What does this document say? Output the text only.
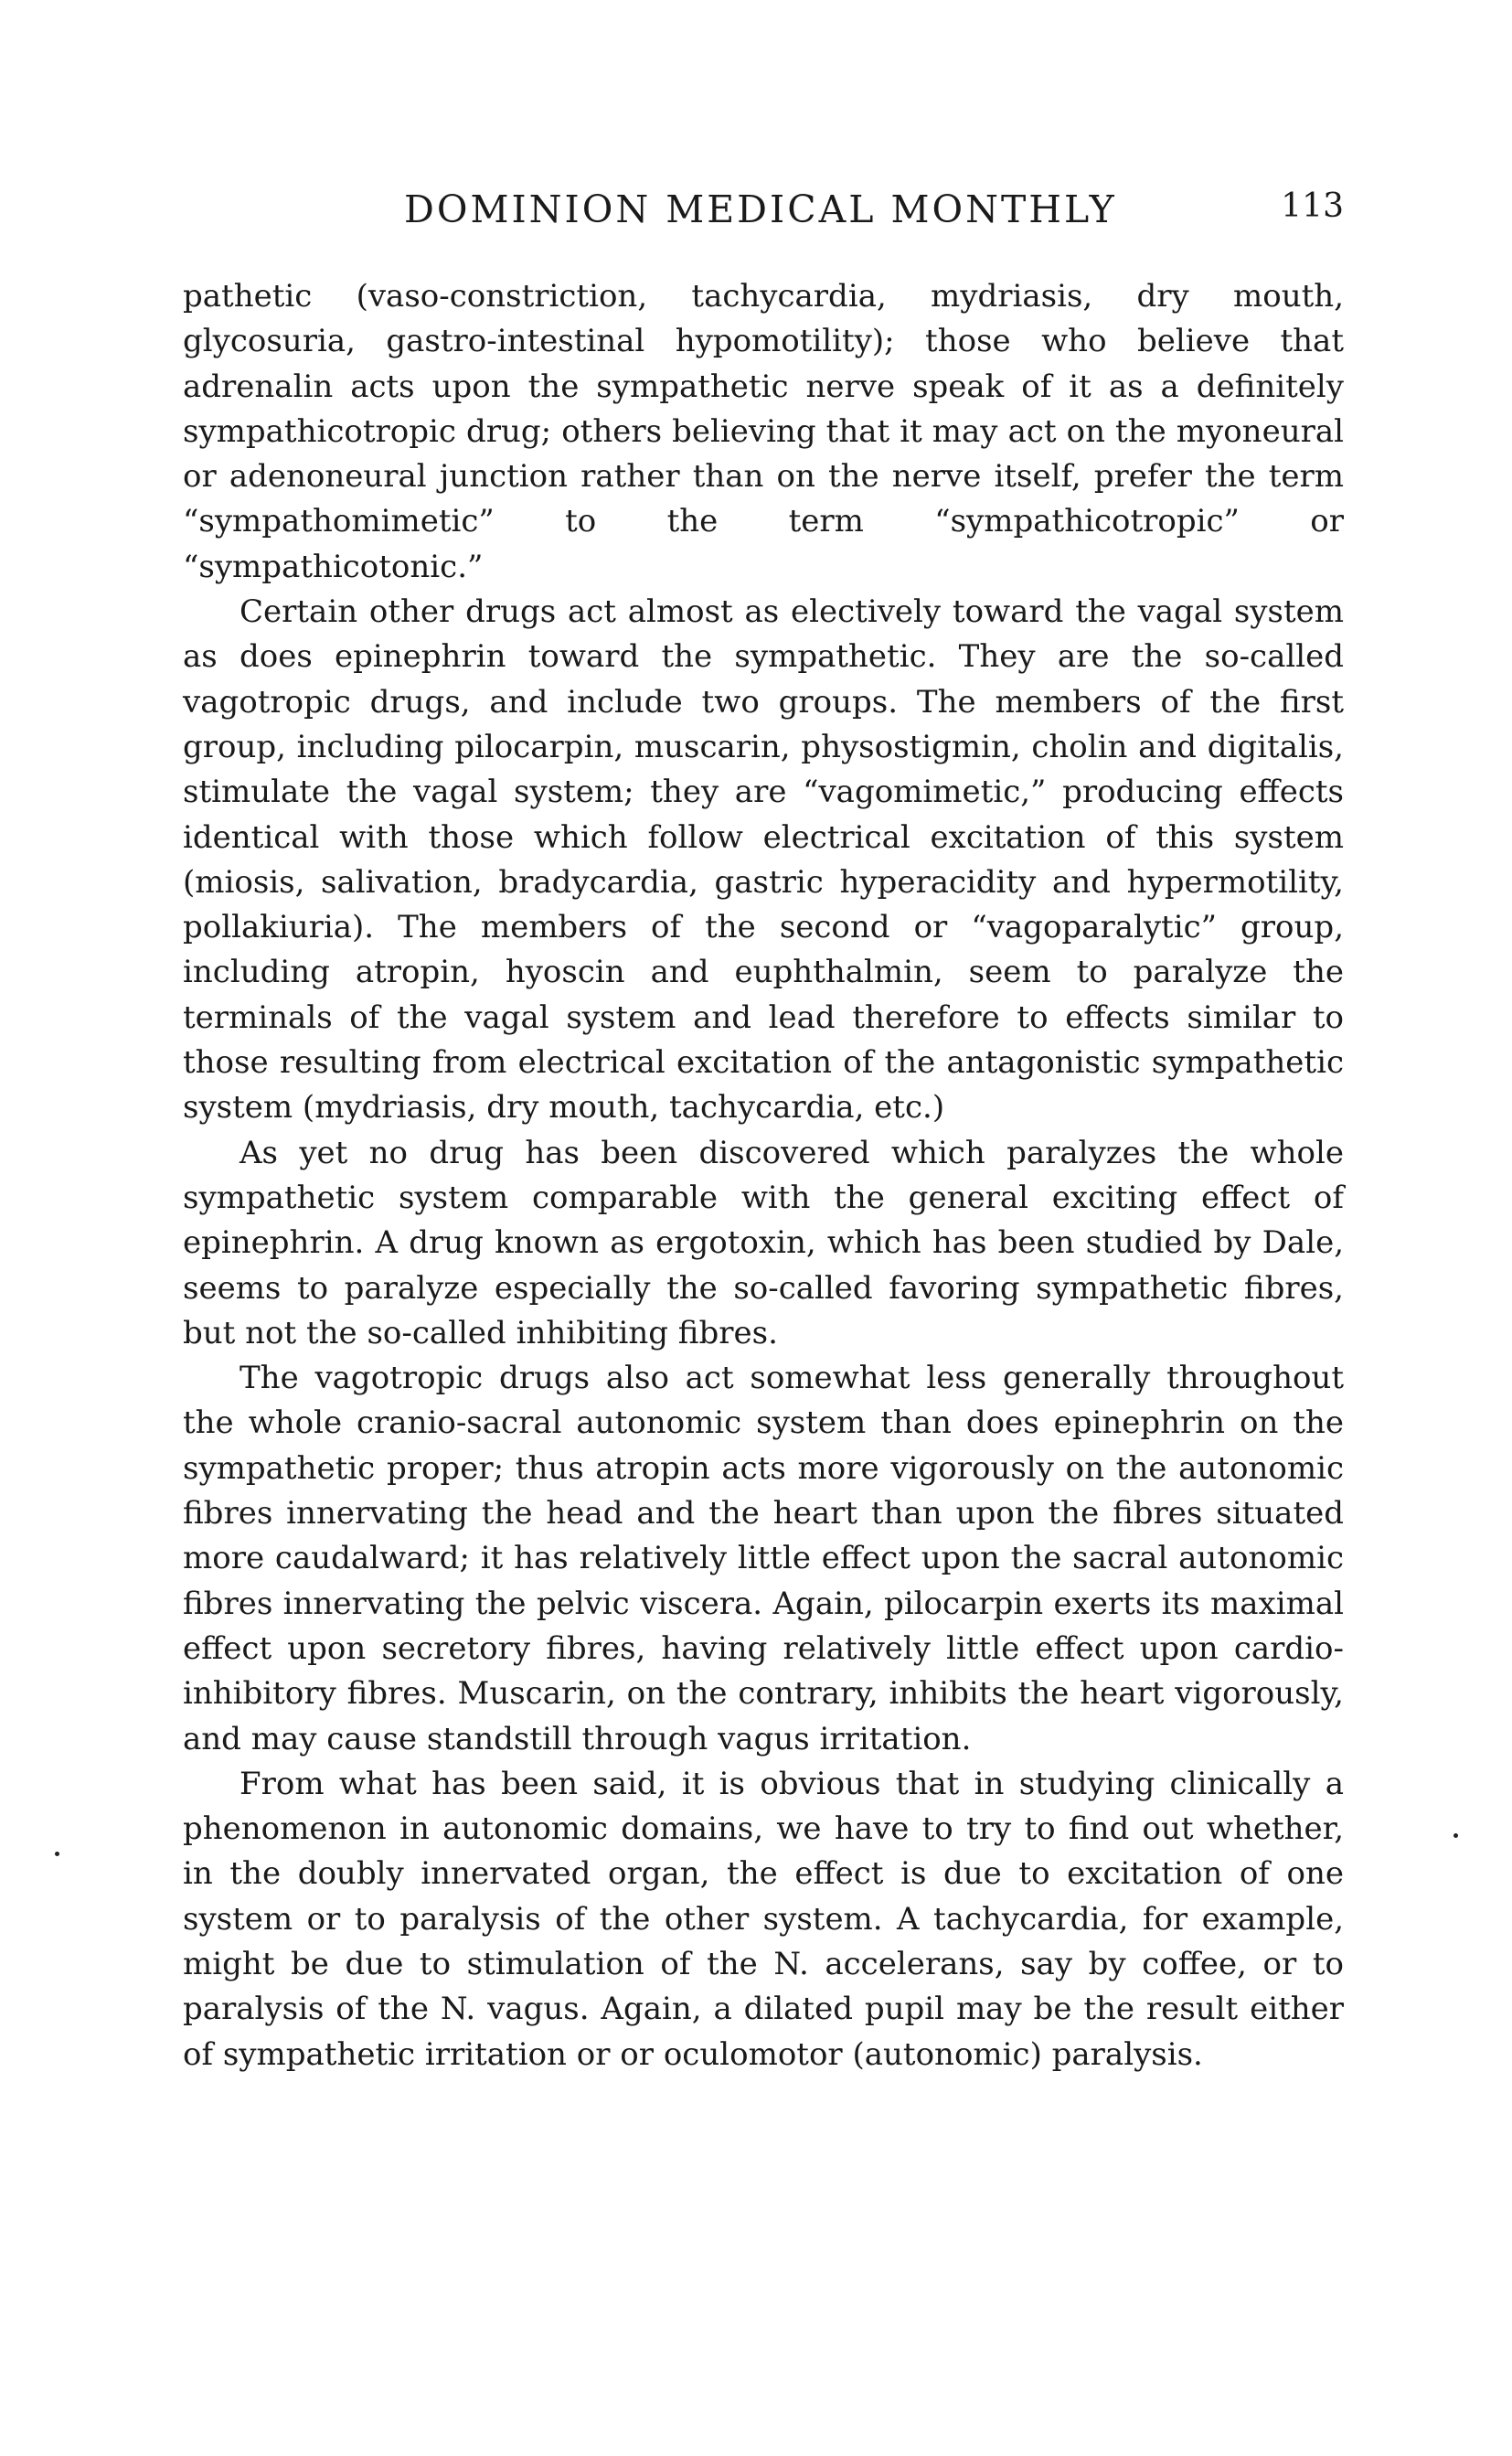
DOMINION MEDICAL MONTHLY	113

pathetic (vaso-constriction, tachycardia, mydriasis, dry mouth, glycosuria, gastro-intestinal hypomotility); those who believe that adrenalin acts upon the sympathetic nerve speak of it as a definitely sympathicotropic drug; others believing that it may act on the myoneural or adenoneural junction rather than on the nerve itself, prefer the term “sympathomimetic” to the term “sympathicotropic” or “sympathicotonic.”

Certain other drugs act almost as electively toward the vagal system as does epinephrin toward the sympathetic. They are the so-called vagotropic drugs, and include two groups. The members of the first group, including pilocarpin, muscarin, physostigmin, cholin and digitalis, stimulate the vagal system; they are “vagomimetic,” producing effects identical with those which follow electrical excitation of this system (miosis, salivation, bradycardia, gastric hyperacidity and hypermotility, pollakiuria). The members of the second or “vagoparalytic” group, including atropin, hyoscin and euphthalmin, seem to paralyze the terminals of the vagal system and lead therefore to effects similar to those resulting from electrical excitation of the antagonistic sympathetic system (mydriasis, dry mouth, tachycardia, etc.)

As yet no drug has been discovered which paralyzes the whole sympathetic system comparable with the general exciting effect of epinephrin. A drug known as ergotoxin, which has been studied by Dale, seems to paralyze especially the so-called favoring sympathetic fibres, but not the so-called inhibiting fibres.

The vagotropic drugs also act somewhat less generally throughout the whole cranio-sacral autonomic system than does epinephrin on the sympathetic proper; thus atropin acts more vigorously on the autonomic fibres innervating the head and the heart than upon the fibres situated more caudalward; it has relatively little effect upon the sacral autonomic fibres innervating the pelvic viscera. Again, pilocarpin exerts its maximal effect upon secretory fibres, having relatively little effect upon cardio-inhibitory fibres. Muscarin, on the contrary, inhibits the heart vigorously, and may cause standstill through vagus irritation.

From what has been said, it is obvious that in studying clinically a phenomenon in autonomic domains, we have to try to find out whether, in the doubly innervated organ, the effect is due to excitation of one system or to paralysis of the other system. A tachycardia, for example, might be due to stimulation of the N. accelerans, say by coffee, or to paralysis of the N. vagus. Again, a dilated pupil may be the result either of sympathetic irritation or or oculomotor (autonomic) paralysis.
